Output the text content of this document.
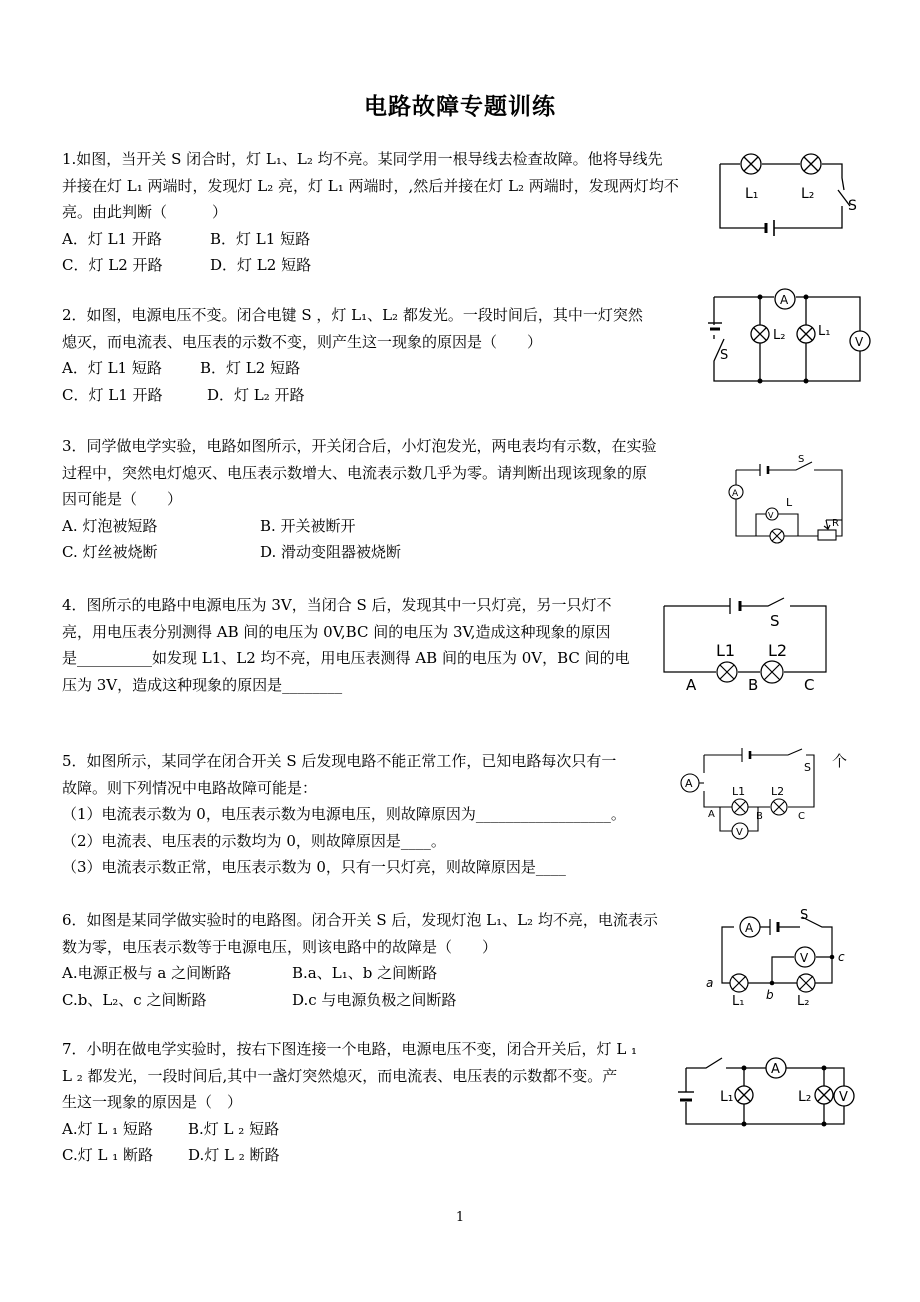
电路故障专题训练
1.如图，当开关 S 闭合时，灯 L₁、L₂ 均不亮。某同学用一根导线去检查故障。他将导线先
并接在灯 L₁ 两端时，发现灯 L₂ 亮，灯 L₁ 两端时，,然后并接在灯 L₂ 两端时，发现两灯均不
亮。由此判断（　　　）
A．灯 L1 开路	B．灯 L1 短路
C．灯 L2 开路	D．灯 L2 短路
L₁	L₂
S
2．如图，电源电压不变。闭合电键 S ，灯 L₁、L₂ 都发光。一段时间后，其中一灯突然
熄灭，而电流表、电压表的示数不变，则产生这一现象的原因是（　　）
A．灯 L1 短路	B．灯 L2 短路
C．灯 L1 开路	D．灯 L₂ 开路
A
V
L₂	L₁
S
3．同学做电学实验，电路如图所示，开关闭合后，小灯泡发光，两电表均有示数，在实验
过程中，突然电灯熄灭、电压表示数增大、电流表示数几乎为零。请判断出现该现象的原
因可能是（　　）
A. 灯泡被短路	B. 开关被断开
C. 灯丝被烧断	D. 滑动变阻器被烧断
A
V
L
R
S
4．图所示的电路中电源电压为 3V，当闭合 S 后，发现其中一只灯亮，另一只灯不
亮，用电压表分别测得 AB 间的电压为 0V,BC 间的电压为 3V,造成这种现象的原因
是__________如发现 L1、L2 均不亮，用电压表测得 AB 间的电压为 0V，BC 间的电
压为 3V，造成这种现象的原因是________
S
L1 L2
A	B	C
5．如图所示，某同学在闭合开关 S 后发现电路不能正常工作，已知电路每次只有一
故障。则下列情况中电路故障可能是：
（1）电流表示数为 0，电压表示数为电源电压，则故障原因为__________________。
（2）电流表、电压表的示数均为 0，则故障原因是____。
（3）电流表示数正常，电压表示数为 0，只有一只灯亮，则故障原因是____
个
A
V
S
L1 L2
A	B	C
6．如图是某同学做实验时的电路图。闭合开关 S 后，发现灯泡 L₁、L₂ 均不亮，电流表示
数为零，电压表示数等于电源电压，则该电路中的故障是（　　）
A.电源正极与 a 之间断路	B.a、L₁、b 之间断路
C.b、L₂、c 之间断路	D.c 与电源负极之间断路
A
V
S
L₁	L₂
a
b
c
7．小明在做电学实验时，按右下图连接一个电路，电源电压不变，闭合开关后，灯 L ₁
L ₂ 都发光，一段时间后,其中一盏灯突然熄灭，而电流表、电压表的示数都不变。产
生这一现象的原因是（　）
A.灯 L ₁ 短路	B.灯 L ₂ 短路
C.灯 L ₁ 断路	D.灯 L ₂ 断路
A
V
L₁	L₂
1
